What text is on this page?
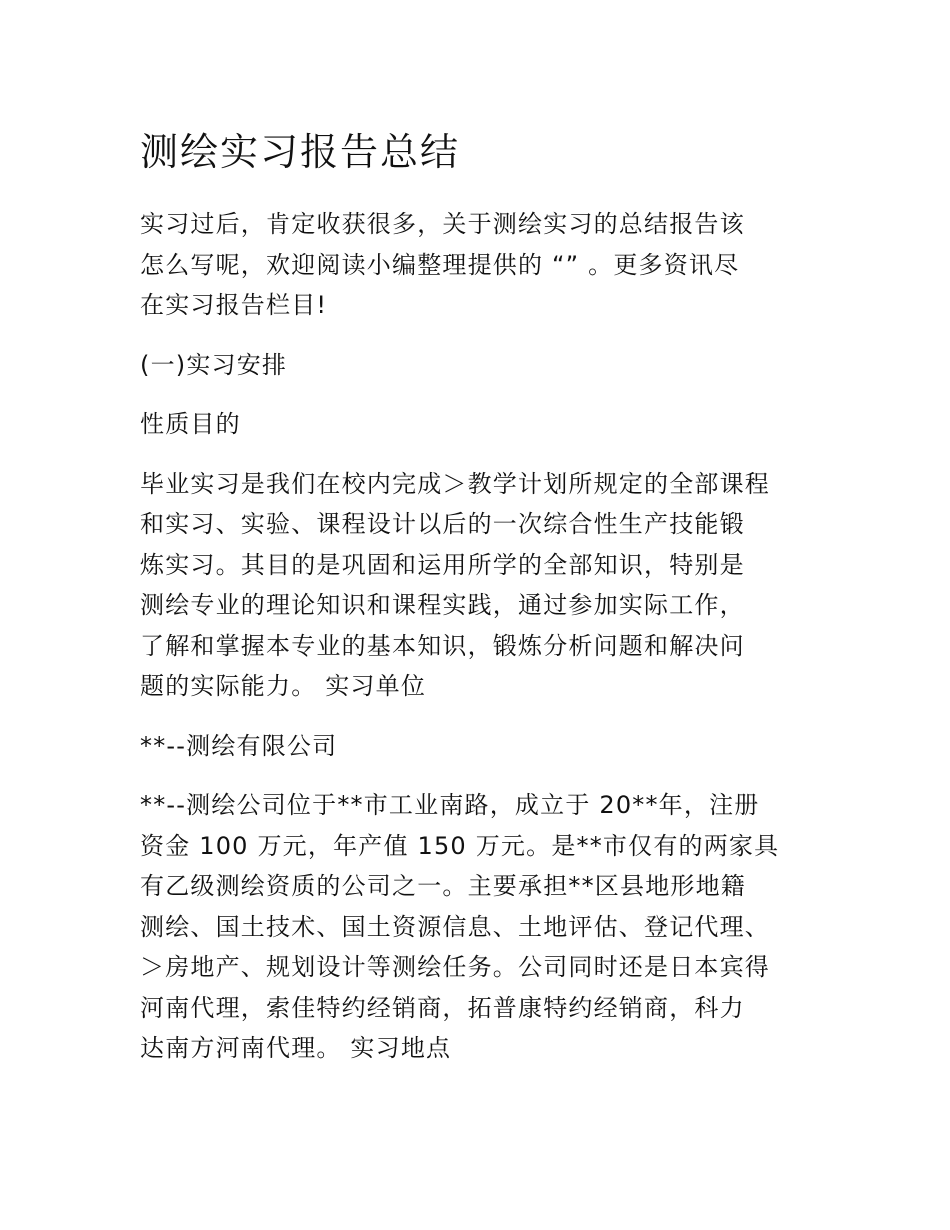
测绘实习报告总结
实习过后，肯定收获很多，关于测绘实习的总结报告该
怎么写呢，欢迎阅读小编整理提供的 “” 。更多资讯尽
在实习报告栏目!
(一)实习安排
性质目的
毕业实习是我们在校内完成＞教学计划所规定的全部课程
和实习、实验、课程设计以后的一次综合性生产技能锻
炼实习。其目的是巩固和运用所学的全部知识，特别是
测绘专业的理论知识和课程实践，通过参加实际工作，
了解和掌握本专业的基本知识，锻炼分析问题和解决问
题的实际能力。 实习单位
**--测绘有限公司
**--测绘公司位于**市工业南路，成立于 20**年，注册
资金 100 万元，年产值 150 万元。是**市仅有的两家具
有乙级测绘资质的公司之一。主要承担**区县地形地籍
测绘、国土技术、国土资源信息、土地评估、登记代理、
＞房地产、规划设计等测绘任务。公司同时还是日本宾得
河南代理，索佳特约经销商，拓普康特约经销商，科力
达南方河南代理。 实习地点
